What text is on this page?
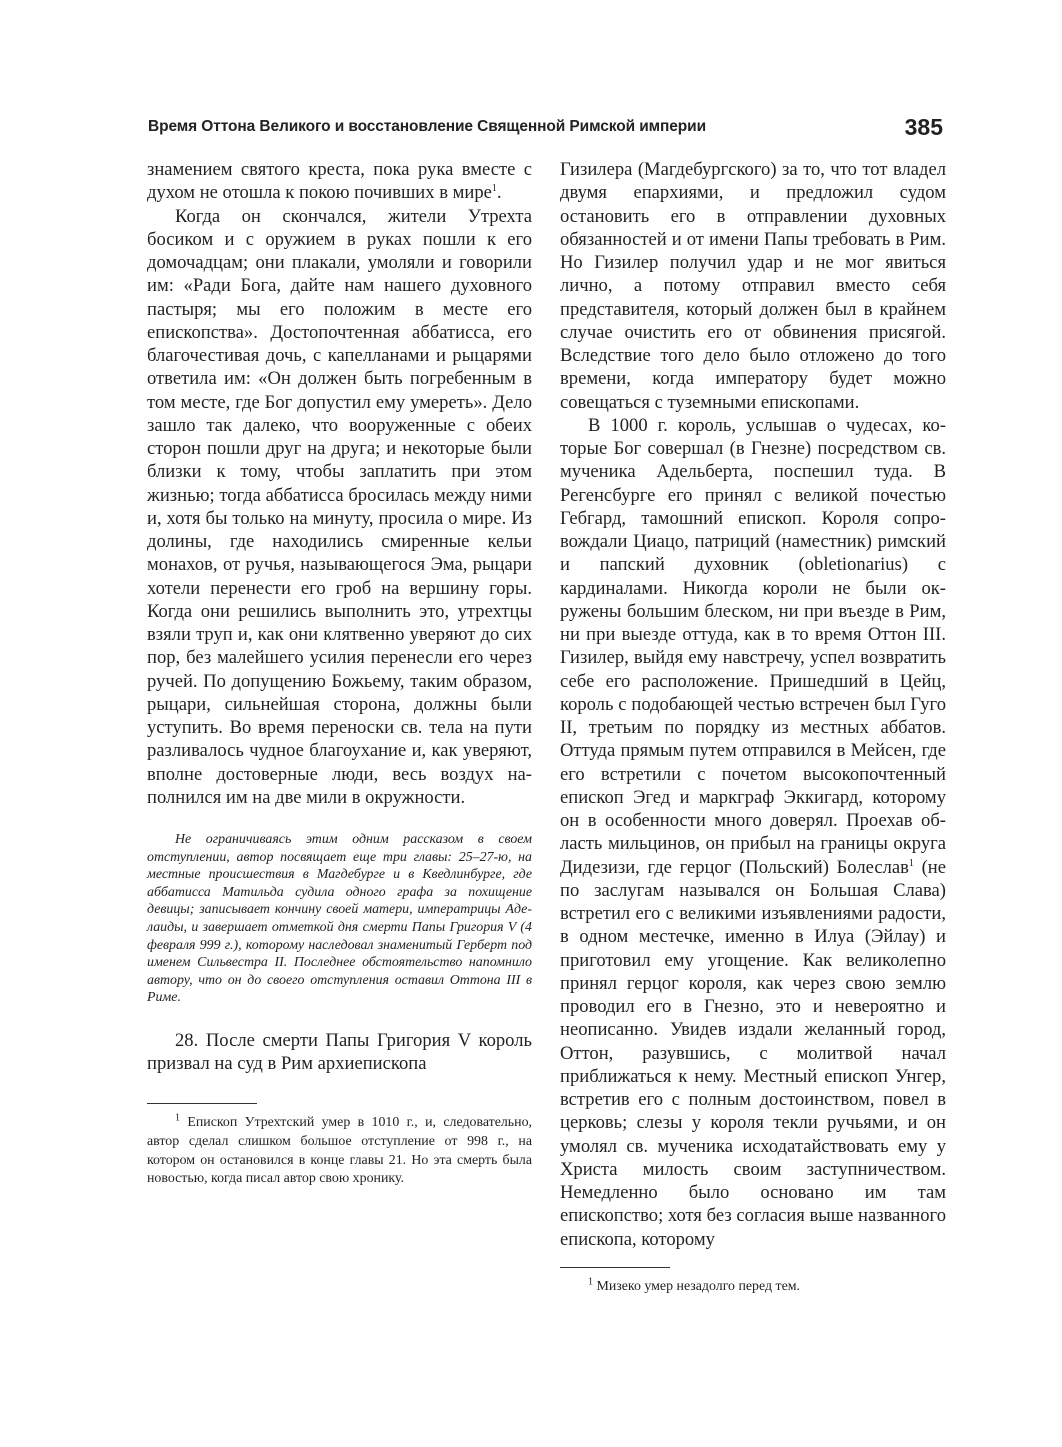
Время Оттона Великого и восстановление Священной Римской империи	385

знамением святого креста, пока рука вместе с духом не отошла к покою почивших в мире$^1$.

Когда он скончался, жители Утрехта босиком и с оружием в руках пошли к его домочадцам; они плакали, умоляли и говорили им: «Ради Бога, дайте нам нашего духовного пастыря; мы его положим в месте его епископства». Достопочтенная аббатисса, его благочестивая дочь, с капелланами и рыцарями ответила им: «Он должен быть погребенным в том месте, где Бог допустил ему умереть». Дело зашло так далеко, что вооруженные с обеих сторон пошли друг на друга; и некоторые были близки к тому, чтобы заплатить при этом жизнью; тогда аббатисса бросилась между ними и, хотя бы только на минуту, просила о мире. Из долины, где находились смиренные кельи монахов, от ручья, называющегося Эма, рыцари хотели перенести его гроб на вершину горы. Когда они решились выполнить это, утрехтцы взяли труп и, как они клятвенно уверяют до сих пор, без малейшего усилия перенесли его через ручей. По допущению Божьему, таким образом, рыцари, сильнейшая сторона, должны были уступить. Во время переноски св. тела на пути разливалось чудное благоухание и, как уверяют, вполне достоверные люди, весь воздух наполнился им на две мили в окружности.

Не ограничиваясь этим одним рассказом в своем отступлении, автор посвящает еще три главы: 25–27-ю, на местные происшествия в Магдебурге и в Кведлинбурге, где аббатисса Матильда судила одного графа за похищение девицы; записывает кончину своей матери, императрицы Аделаиды, и завершает отметкой дня смерти Папы Григория V (4 февраля 999 г.), которому наследовал знаменитый Герберт под именем Сильвестра II. Последнее обстоятельство напомнило автору, что он до своего отступления оставил Оттона III в Риме.

28. После смерти Папы Григория V король призвал на суд в Рим архиепископа

$^1$ Епископ Утрехтский умер в 1010 г., и, следовательно, автор сделал слишком большое отступление от 998 г., на котором он остановился в конце главы 21. Но эта смерть была новостью, когда писал автор свою хронику.

Гизилера (Магдебургского) за то, что тот владел двумя епархиями, и предложил судом остановить его в отправлении духовных обязанностей и от имени Папы требовать в Рим. Но Гизилер получил удар и не мог явиться лично, а потому отправил вместо себя представителя, который должен был в крайнем случае очистить его от обвинения присягой. Вследствие того дело было отложено до того времени, когда императору будет можно совещаться с туземными епископами.

В 1000 г. король, услышав о чудесах, которые Бог совершал (в Гнезне) посредством св. мученика Адельберта, поспешил туда. В Регенсбурге его принял с великой почестью Гебгард, тамошний епископ. Короля сопровождали Циацо, патриций (наместник) римский и папский духовник (obletionarius) с кардиналами. Никогда короли не были окружены большим блеском, ни при въезде в Рим, ни при выезде оттуда, как в то время Оттон III. Гизилер, выйдя ему навстречу, успел возвратить себе его расположение. Пришедший в Цейц, король с подобающей честью встречен был Гуго II, третьим по порядку из местных аббатов. Оттуда прямым путем отправился в Мейсен, где его встретили с почетом высокопочтенный епископ Эгед и маркграф Эккигард, которому он в особенности много доверял. Проехав область мильцинов, он прибыл на границы округа Дидезизи, где герцог (Польский) Болеслав$^1$ (не по заслугам назывался он Большая Слава) встретил его с великими изъявлениями радости, в одном местечке, именно в Илуа (Эйлау) и приготовил ему угощение. Как великолепно принял герцог короля, как через свою землю проводил его в Гнезно, это и невероятно и неописанно. Увидев издали желанный город, Оттон, разувшись, с молитвой начал приближаться к нему. Местный епископ Унгер, встретив его с полным достоинством, повел в церковь; слезы у короля текли ручьями, и он умолял св. мученика исходатайствовать ему у Христа милость своим заступничеством. Немедленно было основано им там епископство; хотя без согласия выше названного епископа, которому

$^1$ Мизеко умер незадолго перед тем.
